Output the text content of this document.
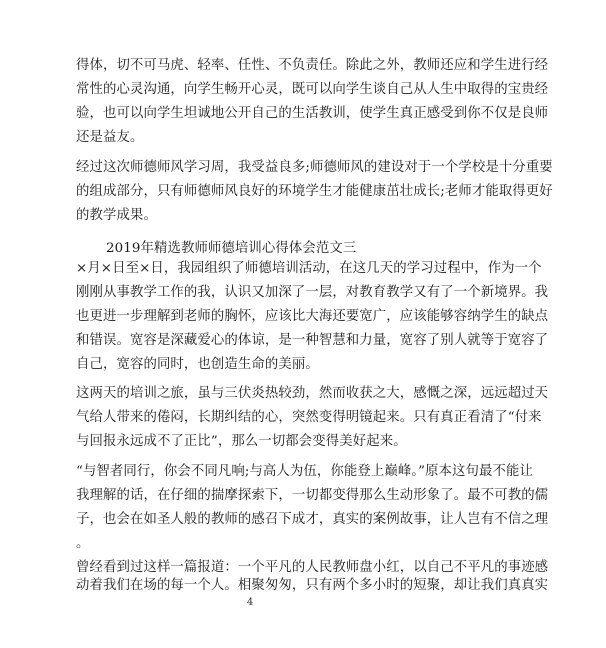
得体，切不可马虎、轻率、任性、不负责任。除此之外，教师还应和学生进行经
常性的心灵沟通，向学生畅开心灵，既可以向学生谈自己从人生中取得的宝贵经
验，也可以向学生坦诚地公开自己的生活教训，使学生真正感受到你不仅是良师
还是益友。
经过这次师德师风学习周，我受益良多;师德师风的建设对于一个学校是十分重要
的组成部分，只有师德师风良好的环境学生才能健康茁壮成长;老师才能取得更好
的教学成果。
2019年精选教师师德培训心得体会范文三
×月×日至×日，我园组织了师德培训活动，在这几天的学习过程中，作为一个
刚刚从事教学工作的我，认识又加深了一层，对教育教学又有了一个新境界。我
也更进一步理解到老师的胸怀，应该比大海还要宽广，应该能够容纳学生的缺点
和错误。宽容是深藏爱心的体谅，是一种智慧和力量，宽容了别人就等于宽容了
自己，宽容的同时，也创造生命的美丽。
这两天的培训之旅，虽与三伏炎热较劲，然而收获之大，感慨之深，远远超过天
气给人带来的倦闷，长期纠结的心，突然变得明镜起来。只有真正看清了“付来
与回报永远成不了正比”，那么一切都会变得美好起来。
“与智者同行，你会不同凡响;与高人为伍，你能登上巅峰。”原本这句最不能让
我理解的话，在仔细的揣摩探索下，一切都变得那么生动形象了。最不可教的儒
子，也会在如圣人般的教师的感召下成才，真实的案例故事，让人岂有不信之理
。
曾经看到过这样一篇报道：一个平凡的人民教师盘小红，以自己不平凡的事迹感
动着我们在场的每一个人。相聚匆匆，只有两个多小时的短聚，却让我们真真实
4
